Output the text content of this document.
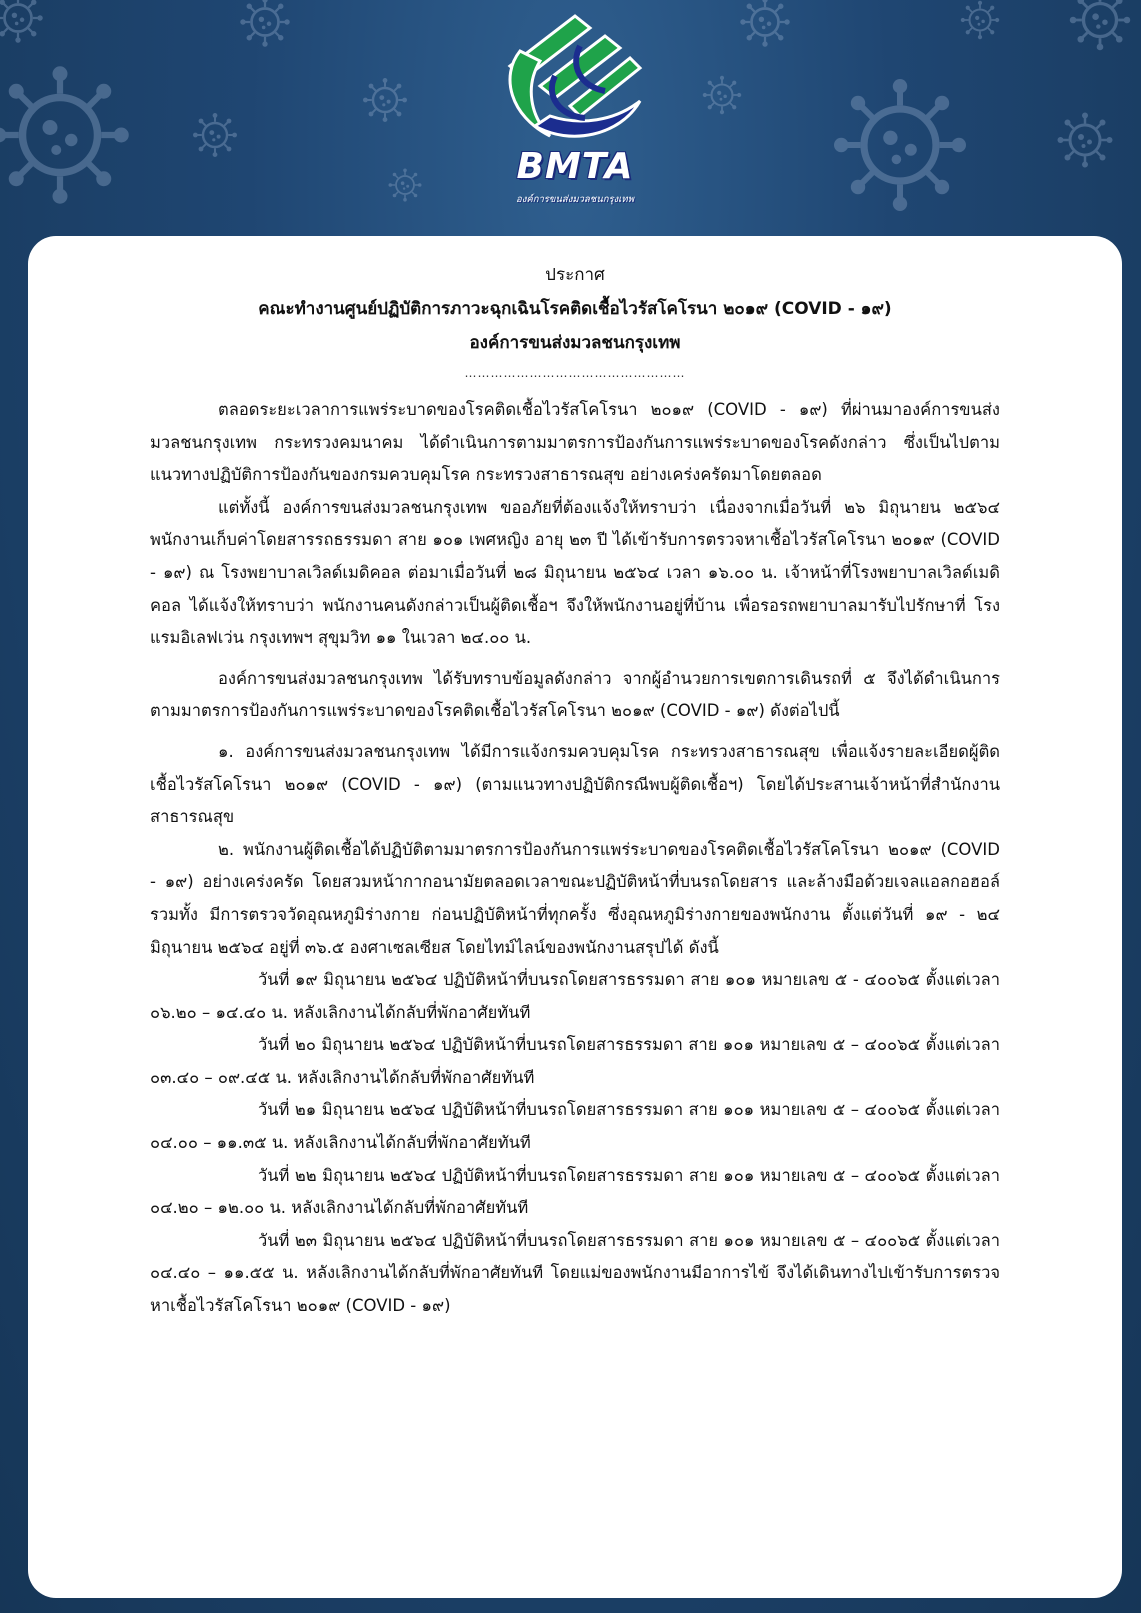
BMTA
องค์การขนส่งมวลชนกรุงเทพ
ประกาศ
คณะทำงานศูนย์ปฏิบัติการภาวะฉุกเฉินโรคติดเชื้อไวรัสโคโรนา ๒๐๑๙ (COVID - ๑๙)
องค์การขนส่งมวลชนกรุงเทพ
……………………………………………

ตลอดระยะเวลาการแพร่ระบาดของโรคติดเชื้อไวรัสโคโรนา ๒๐๑๙ (COVID - ๑๙) ที่ผ่านมาองค์การขนส่งมวลชนกรุงเทพ กระทรวงคมนาคม ได้ดำเนินการตามมาตรการป้องกันการแพร่ระบาดของโรคดังกล่าว ซึ่งเป็นไปตามแนวทางปฏิบัติการป้องกันของกรมควบคุมโรค กระทรวงสาธารณสุข อย่างเคร่งครัดมาโดยตลอด

แต่ทั้งนี้ องค์การขนส่งมวลชนกรุงเทพ ขออภัยที่ต้องแจ้งให้ทราบว่า เนื่องจากเมื่อวันที่ ๒๖ มิถุนายน ๒๕๖๔ พนักงานเก็บค่าโดยสารรถธรรมดา สาย ๑๐๑ เพศหญิง อายุ ๒๓ ปี ได้เข้ารับการตรวจหาเชื้อไวรัสโคโรนา ๒๐๑๙ (COVID - ๑๙) ณ โรงพยาบาลเวิลด์เมดิคอล ต่อมาเมื่อวันที่ ๒๘ มิถุนายน ๒๕๖๔ เวลา ๑๖.๐๐ น. เจ้าหน้าที่โรงพยาบาลเวิลด์เมดิคอล ได้แจ้งให้ทราบว่า พนักงานคนดังกล่าวเป็นผู้ติดเชื้อฯ จึงให้พนักงานอยู่ที่บ้าน เพื่อรอรถพยาบาลมารับไปรักษาที่ โรงแรมอิเลฟเว่น กรุงเทพฯ สุขุมวิท ๑๑ ในเวลา ๒๔.๐๐ น.

องค์การขนส่งมวลชนกรุงเทพ ได้รับทราบข้อมูลดังกล่าว จากผู้อำนวยการเขตการเดินรถที่ ๕ จึงได้ดำเนินการตามมาตรการป้องกันการแพร่ระบาดของโรคติดเชื้อไวรัสโคโรนา ๒๐๑๙ (COVID - ๑๙) ดังต่อไปนี้

๑. องค์การขนส่งมวลชนกรุงเทพ ได้มีการแจ้งกรมควบคุมโรค กระทรวงสาธารณสุข เพื่อแจ้งรายละเอียดผู้ติดเชื้อไวรัสโคโรนา ๒๐๑๙ (COVID - ๑๙) (ตามแนวทางปฏิบัติกรณีพบผู้ติดเชื้อฯ) โดยได้ประสานเจ้าหน้าที่สำนักงานสาธารณสุข

๒. พนักงานผู้ติดเชื้อได้ปฏิบัติตามมาตรการป้องกันการแพร่ระบาดของโรคติดเชื้อไวรัสโคโรนา ๒๐๑๙ (COVID - ๑๙) อย่างเคร่งครัด โดยสวมหน้ากากอนามัยตลอดเวลาขณะปฏิบัติหน้าที่บนรถโดยสาร และล้างมือด้วยเจลแอลกอฮอล์ รวมทั้ง มีการตรวจวัดอุณหภูมิร่างกาย ก่อนปฏิบัติหน้าที่ทุกครั้ง ซึ่งอุณหภูมิร่างกายของพนักงาน ตั้งแต่วันที่ ๑๙ - ๒๔ มิถุนายน ๒๕๖๔ อยู่ที่ ๓๖.๕ องศาเซลเซียส โดยไทม์ไลน์ของพนักงานสรุปได้ ดังนี้

วันที่ ๑๙ มิถุนายน ๒๕๖๔ ปฏิบัติหน้าที่บนรถโดยสารธรรมดา สาย ๑๐๑ หมายเลข ๕ - ๔๐๐๖๕ ตั้งแต่เวลา ๐๖.๒๐ – ๑๔.๔๐ น. หลังเลิกงานได้กลับที่พักอาศัยทันที

วันที่ ๒๐ มิถุนายน ๒๕๖๔ ปฏิบัติหน้าที่บนรถโดยสารธรรมดา สาย ๑๐๑ หมายเลข ๕ – ๔๐๐๖๕ ตั้งแต่เวลา ๐๓.๔๐ – ๐๙.๔๕ น. หลังเลิกงานได้กลับที่พักอาศัยทันที

วันที่ ๒๑ มิถุนายน ๒๕๖๔ ปฏิบัติหน้าที่บนรถโดยสารธรรมดา สาย ๑๐๑ หมายเลข ๕ – ๔๐๐๖๕ ตั้งแต่เวลา ๐๔.๐๐ – ๑๑.๓๕ น. หลังเลิกงานได้กลับที่พักอาศัยทันที

วันที่ ๒๒ มิถุนายน ๒๕๖๔ ปฏิบัติหน้าที่บนรถโดยสารธรรมดา สาย ๑๐๑ หมายเลข ๕ – ๔๐๐๖๕ ตั้งแต่เวลา ๐๔.๒๐ – ๑๒.๐๐ น. หลังเลิกงานได้กลับที่พักอาศัยทันที

วันที่ ๒๓ มิถุนายน ๒๕๖๔ ปฏิบัติหน้าที่บนรถโดยสารธรรมดา สาย ๑๐๑ หมายเลข ๕ – ๔๐๐๖๕ ตั้งแต่เวลา ๐๔.๔๐ – ๑๑.๕๕ น. หลังเลิกงานได้กลับที่พักอาศัยทันที โดยแม่ของพนักงานมีอาการไข้ จึงได้เดินทางไปเข้ารับการตรวจหาเชื้อไวรัสโคโรนา ๒๐๑๙ (COVID - ๑๙)
